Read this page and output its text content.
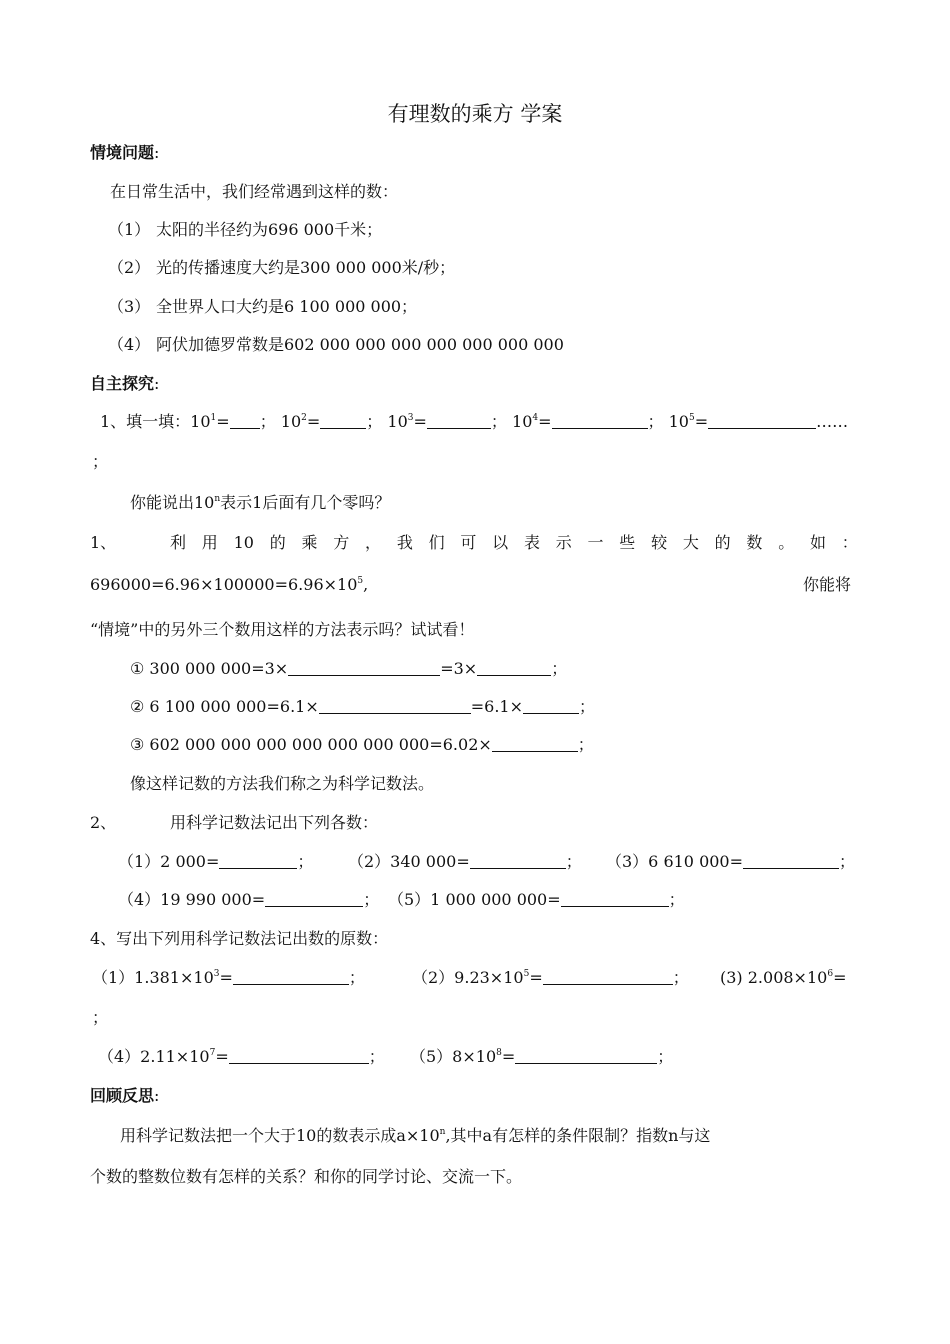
有理数的乘方 学案
情境问题:
在日常生活中，我们经常遇到这样的数：
（1） 太阳的半径约为696 000千米；
（2） 光的传播速度大约是300 000 000米/秒；
（3） 全世界人口大约是6 100 000 000；
（4） 阿伏加德罗常数是602 000 000 000 000 000 000 000
自主探究:
1、填一填：$10^1=$ ； $10^2=$	； $10^3=$	； $10^4=$	； $10^5=$	……
；
你能说出10$^n$表示1后面有几个零吗？
1、	利 用 10 的 乘 方 ， 我 们 可 以 表 示 一 些 较 大 的 数 。 如 ：
$696000=6.96\times 100000=6.96\times 10^5$,	你能将
“情境”中的另外三个数用这样的方法表示吗？试试看！
① 300 000 000=3×	=3×	；
② 6 100 000 000=6.1×	=6.1×	；
③ 602 000 000 000 000 000 000 000=6.02×	；
像这样记数的方法我们称之为科学记数法。
2、	用科学记数法记出下列各数：
（1）2 000=	； （2）340 000=	； （3）6 610 000=	；
（4）19 990 000=	； （5）1 000 000 000=	；
4、写出下列用科学记数法记出数的原数：
$(1)1.381\times 10^3=$	；	$(2)9.23\times 10^5=$	； (3) $2.008\times 10^6=$
；
$(4)2.11\times 10^7=$	； $(5)8\times 10^8=$	；
回顾反思:
用科学记数法把一个大于10的数表示成$a\times 10^n$,其中a有怎样的条件限制？指数n与这
个数的整数位数有怎样的关系？和你的同学讨论、交流一下。
